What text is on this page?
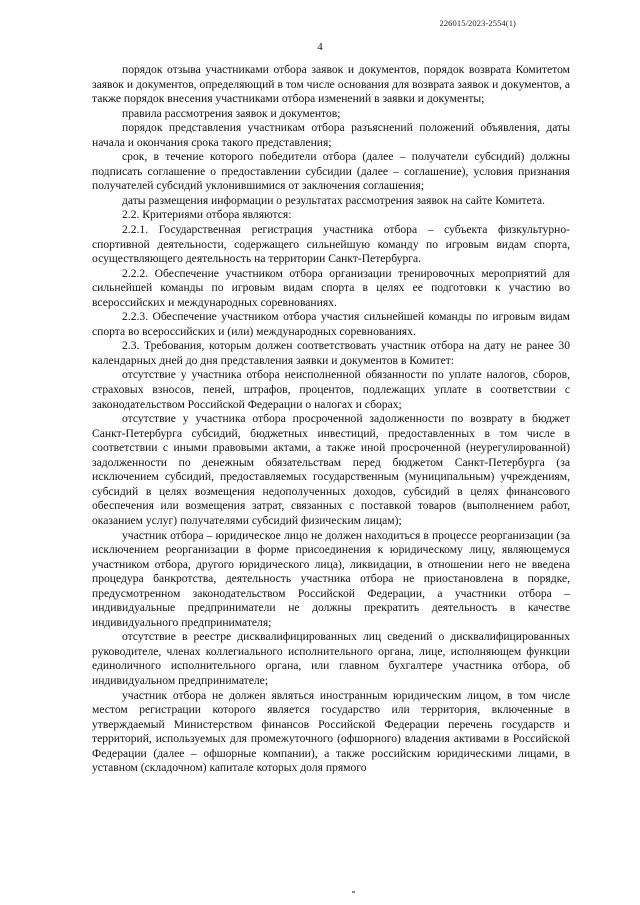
226015/2023-2554(1)
4

порядок отзыва участниками отбора заявок и документов, порядок возврата Комитетом заявок и документов, определяющий в том числе основания для возврата заявок и документов, а также порядок внесения участниками отбора изменений в заявки и документы;

правила рассмотрения заявок и документов;

порядок представления участникам отбора разъяснений положений объявления, даты начала и окончания срока такого представления;

срок, в течение которого победители отбора (далее – получатели субсидий) должны подписать соглашение о предоставлении субсидии (далее – соглашение), условия признания получателей субсидий уклонившимися от заключения соглашения;

даты размещения информации о результатах рассмотрения заявок на сайте Комитета.

2.2. Критериями отбора являются:

2.2.1. Государственная регистрация участника отбора – субъекта физкультурно-спортивной деятельности, содержащего сильнейшую команду по игровым видам спорта, осуществляющего деятельность на территории Санкт-Петербурга.

2.2.2. Обеспечение участником отбора организации тренировочных мероприятий для сильнейшей команды по игровым видам спорта в целях ее подготовки к участию во всероссийских и международных соревнованиях.

2.2.3. Обеспечение участником отбора участия сильнейшей команды по игровым видам спорта во всероссийских и (или) международных соревнованиях.

2.3. Требования, которым должен соответствовать участник отбора на дату не ранее 30 календарных дней до дня представления заявки и документов в Комитет:

отсутствие у участника отбора неисполненной обязанности по уплате налогов, сборов, страховых взносов, пеней, штрафов, процентов, подлежащих уплате в соответствии с законодательством Российской Федерации о налогах и сборах;

отсутствие у участника отбора просроченной задолженности по возврату в бюджет Санкт-Петербурга субсидий, бюджетных инвестиций, предоставленных в том числе в соответствии с иными правовыми актами, а также иной просроченной (неурегулированной) задолженности по денежным обязательствам перед бюджетом Санкт-Петербурга (за исключением субсидий, предоставляемых государственным (муниципальным) учреждениям, субсидий в целях возмещения недополученных доходов, субсидий в целях финансового обеспечения или возмещения затрат, связанных с поставкой товаров (выполнением работ, оказанием услуг) получателями субсидий физическим лицам);

участник отбора – юридическое лицо не должен находиться в процессе реорганизации (за исключением реорганизации в форме присоединения к юридическому лицу, являющемуся участником отбора, другого юридического лица), ликвидации, в отношении него не введена процедура банкротства, деятельность участника отбора не приостановлена в порядке, предусмотренном законодательством Российской Федерации, а участники отбора – индивидуальные предприниматели не должны прекратить деятельность в качестве индивидуального предпринимателя;

отсутствие в реестре дисквалифицированных лиц сведений о дисквалифицированных руководителе, членах коллегиального исполнительного органа, лице, исполняющем функции единоличного исполнительного органа, или главном бухгалтере участника отбора, об индивидуальном предпринимателе;

участник отбора не должен являться иностранным юридическим лицом, в том числе местом регистрации которого является государство или территория, включенные в утверждаемый Министерством финансов Российской Федерации перечень государств и территорий, используемых для промежуточного (офшорного) владения активами в Российской Федерации (далее – офшорные компании), а также российским юридическими лицами, в уставном (складочном) капитале которых доля прямого
